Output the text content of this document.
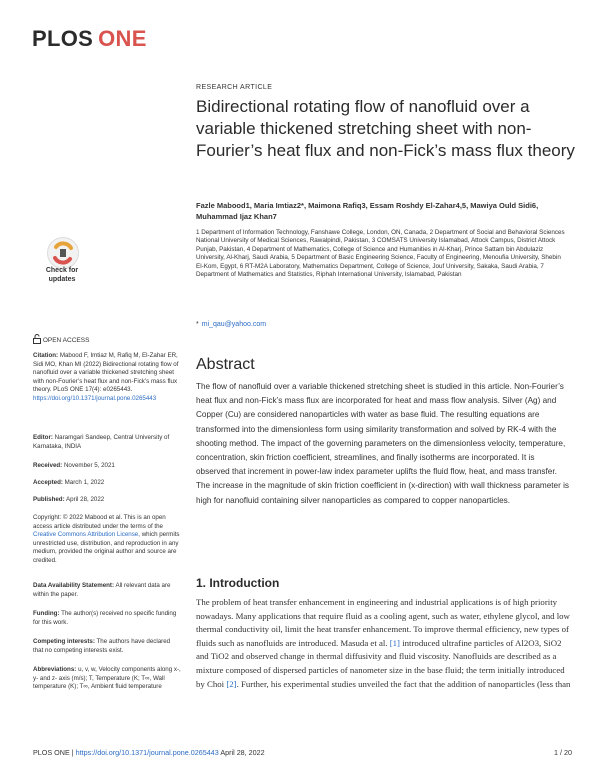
PLOS ONE
RESEARCH ARTICLE
Bidirectional rotating flow of nanofluid over a variable thickened stretching sheet with non-Fourier’s heat flux and non-Fick’s mass flux theory
Fazle Mabood1, Maria Imtiaz2*, Maimona Rafiq3, Essam Roshdy El-Zahar4,5, Mawiya Ould Sidi6, Muhammad Ijaz Khan7
1 Department of Information Technology, Fanshawe College, London, ON, Canada, 2 Department of Social and Behavioral Sciences National University of Medical Sciences, Rawalpindi, Pakistan, 3 COMSATS University Islamabad, Attock Campus, District Attock Punjab, Pakistan, 4 Department of Mathematics, College of Science and Humanities in Al-Kharj, Prince Sattam bin Abdulaziz University, Al-Kharj, Saudi Arabia, 5 Department of Basic Engineering Science, Faculty of Engineering, Menoufia University, Shebin El-Kom, Egypt, 6 RT-M2A Laboratory, Mathematics Department, College of Science, Jouf University, Sakaka, Saudi Arabia, 7 Department of Mathematics and Statistics, Riphah International University, Islamabad, Pakistan
* mi_qau@yahoo.com
Abstract
The flow of nanofluid over a variable thickened stretching sheet is studied in this article. Non-Fourier’s heat flux and non-Fick’s mass flux are incorporated for heat and mass flow analysis. Silver (Ag) and Copper (Cu) are considered nanoparticles with water as base fluid. The resulting equations are transformed into the dimensionless form using similarity transformation and solved by RK-4 with the shooting method. The impact of the governing parameters on the dimensionless velocity, temperature, concentration, skin friction coefficient, streamlines, and finally isotherms are incorporated. It is observed that increment in power-law index parameter uplifts the fluid flow, heat, and mass transfer. The increase in the magnitude of skin friction coefficient in (x-direction) with wall thickness parameter is high for nanofluid containing silver nanoparticles as compared to copper nanoparticles.
1. Introduction
The problem of heat transfer enhancement in engineering and industrial applications is of high priority nowadays. Many applications that require fluid as a cooling agent, such as water, ethylene glycol, and low thermal conductivity oil, limit the heat transfer enhancement. To improve thermal efficiency, new types of fluids such as nanofluids are introduced. Masuda et al. [1] introduced ultrafine particles of Al2O3, SiO2 and TiO2 and observed change in thermal diffusivity and fluid viscosity. Nanofluids are described as a mixture composed of dispersed particles of nanometer size in the base fluid; the term initially introduced by Choi [2]. Further, his experimental studies unveiled the fact that the addition of nanoparticles (less than
Check for updates
OPEN ACCESS
Citation: Mabood F, Imtiaz M, Rafiq M, El-Zahar ER, Sidi MO, Khan MI (2022) Bidirectional rotating flow of nanofluid over a variable thickened stretching sheet with non-Fourier’s heat flux and non-Fick’s mass flux theory. PLoS ONE 17(4): e0265443. https://doi.org/10.1371/journal.pone.0265443
Editor: Naramgari Sandeep, Central University of Karnataka, INDIA
Received: November 5, 2021
Accepted: March 1, 2022
Published: April 28, 2022
Copyright: © 2022 Mabood et al. This is an open access article distributed under the terms of the Creative Commons Attribution License, which permits unrestricted use, distribution, and reproduction in any medium, provided the original author and source are credited.
Data Availability Statement: All relevant data are within the paper.
Funding: The author(s) received no specific funding for this work.
Competing interests: The authors have declared that no competing interests exist.
Abbreviations: u, v, w, Velocity components along x-, y- and z- axis (m/s); T, Temperature (K; T∞, Wall temperature (K); T∞, Ambient fluid temperature
PLOS ONE | https://doi.org/10.1371/journal.pone.0265443 April 28, 2022	1 / 20
